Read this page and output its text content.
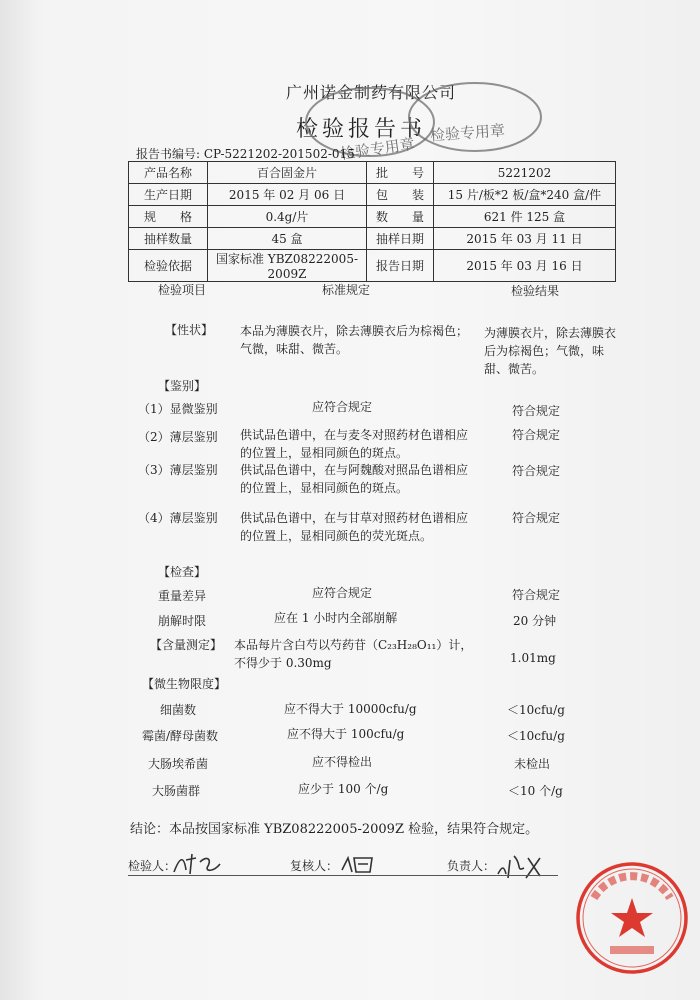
广州诺金制药有限公司
检验报告书
检验专用章
检验专用章
报告书编号: CP-5221202-201502-015
产品名称	百合固金片	批　　号	5221202
生产日期	2015 年 02 月 06 日	包　　装	15 片/板*2 板/盒*240 盒/件
规　　格	0.4g/片	数　　量	621 件 125 盒
抽样数量	45 盒	抽样日期	2015 年 03 月 11 日
检验依据	国家标准 YBZ08222005-2009Z	报告日期	2015 年 03 月 16 日
检验项目	标准规定	检验结果
【性状】 本品为薄膜衣片，除去薄膜衣后为棕褐色；气微，味甜、微苦。
为薄膜衣片，除去薄膜衣后为棕褐色；气微，味甜、微苦。
【鉴别】
（1）显微鉴别	应符合规定	符合规定
（2）薄层鉴别 供试品色谱中，在与麦冬对照药材色谱相应的位置上，显相同颜色的斑点。
符合规定
（3）薄层鉴别 供试品色谱中，在与阿魏酸对照品色谱相应的位置上，显相同颜色的斑点。
符合规定
（4）薄层鉴别 供试品色谱中，在与甘草对照药材色谱相应的位置上，显相同颜色的荧光斑点。
符合规定
【检查】
重量差异	应符合规定	符合规定
崩解时限	应在 1 小时内全部崩解	20 分钟
【含量测定】 本品每片含白芍以芍药苷（C₂₃H₂₈O₁₁）计，不得少于 0.30mg	1.01mg
【微生物限度】
细菌数	应不得大于 10000cfu/g	＜10cfu/g
霉菌/酵母菌数	应不得大于 100cfu/g	＜10cfu/g
大肠埃希菌	应不得检出	未检出
大肠菌群	应少于 100 个/g	＜10 个/g
结论：本品按国家标准 YBZ08222005-2009Z 检验，结果符合规定。
检验人：	复核人：	负责人：
